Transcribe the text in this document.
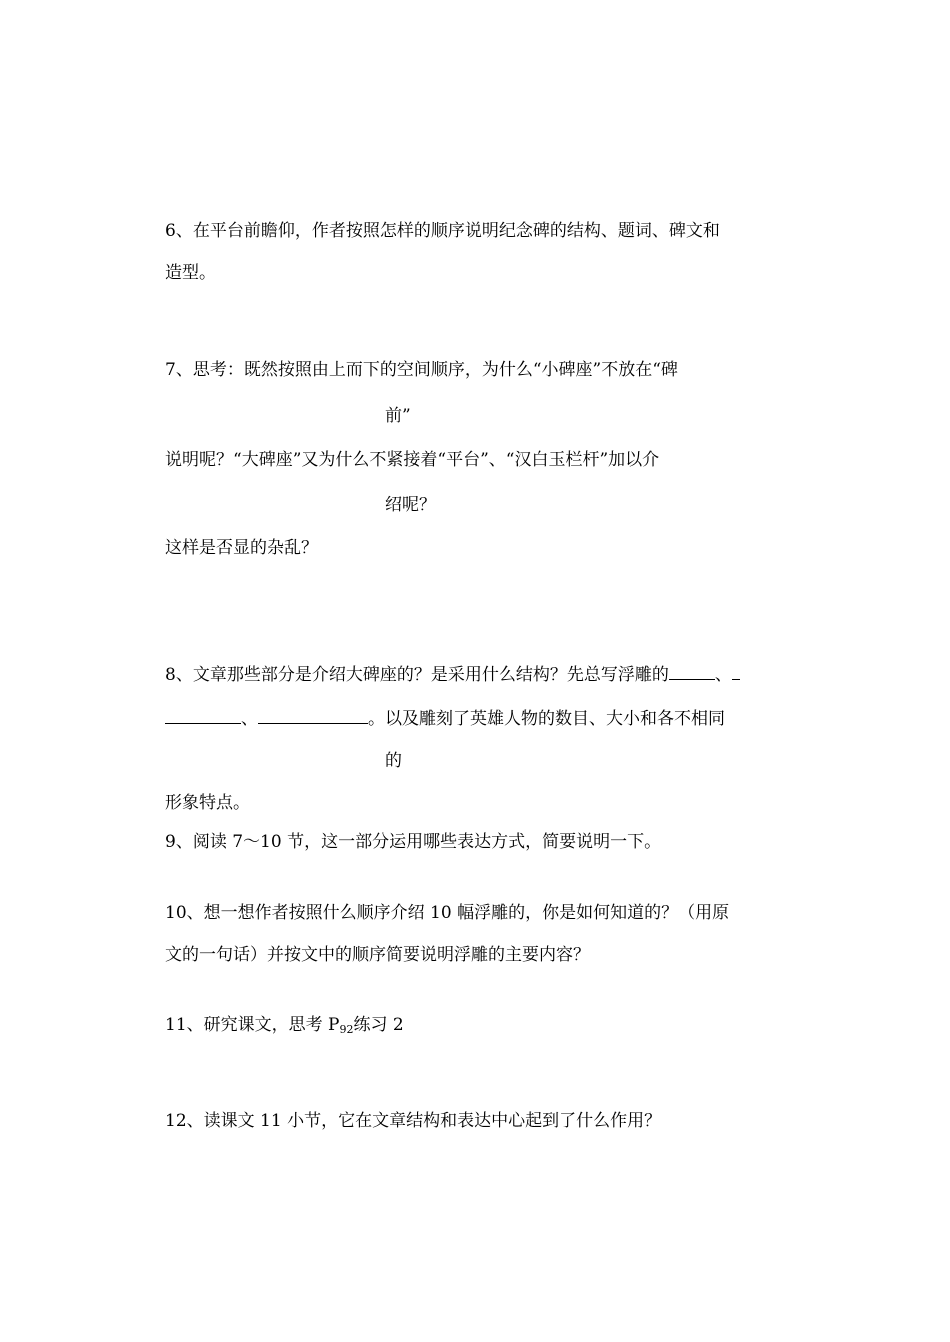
6、在平台前瞻仰，作者按照怎样的顺序说明纪念碑的结构、题词、碑文和
造型。
7、思考：既然按照由上而下的空间顺序，为什么“小碑座”不放在“碑
前”
说明呢？“大碑座”又为什么不紧接着“平台”、“汉白玉栏杆”加以介
绍呢？
这样是否显的杂乱？
8、文章那些部分是介绍大碑座的？是采用什么结构？先总写浮雕的	、
、	。以及雕刻了英雄人物的数目、大小和各不相同
的
形象特点。
9、阅读 7～10 节，这一部分运用哪些表达方式，简要说明一下。
10、想一想作者按照什么顺序介绍 10 幅浮雕的，你是如何知道的？（用原
文的一句话）并按文中的顺序简要说明浮雕的主要内容？
11、研究课文，思考 $P_{92}$练习 2
12、读课文 11 小节，它在文章结构和表达中心起到了什么作用？
